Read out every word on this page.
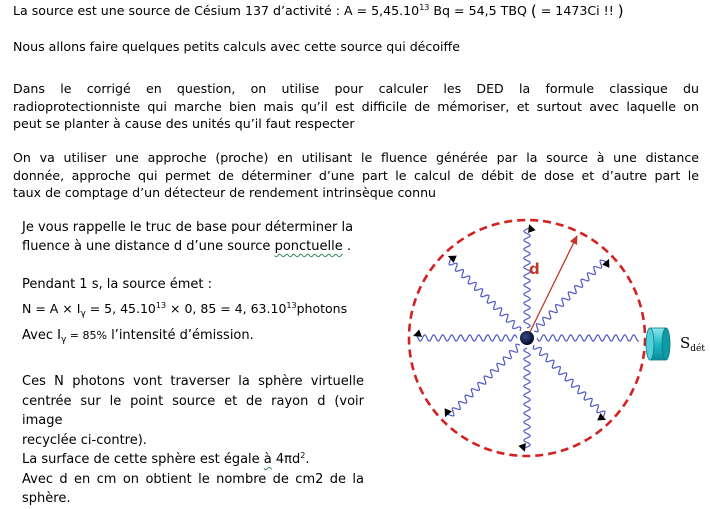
La source est une source de Césium 137 d’activité : $A = 5,45.10^{13}$ Bq = 54,5 TBQ ( = 1473Ci !! )
Nous allons faire quelques petits calculs avec cette source qui décoiffe
Dans le corrigé en question, on utilise pour calculer les DED la formule classique du
radioprotectionniste qui marche bien mais qu’il est difficile de mémoriser, et surtout avec laquelle on
peut se planter à cause des unités qu’il faut respecter
On va utiliser une approche (proche) en utilisant le fluence générée par la source à une distance
donnée, approche qui permet de déterminer d’une part le calcul de débit de dose et d’autre part le
taux de comptage d’un détecteur de rendement intrinsèque connu
Je vous rappelle le truc de base pour déterminer la
fluence à une distance d d’une source ponctuelle .
Pendant 1 s, la source émet :
$N = A \times I_\gamma = 5$, $45.10^{13} \times 0$, 85 = 4, 63.10$^{13}$photons
Avec $I_\gamma = 85\%$ l’intensité d’émission.
Ces N photons vont traverser la sphère virtuelle
centrée sur le point source et de rayon d (voir image
recyclée ci-contre).
La surface de cette sphère est égale à $4\pi d^2$.
Avec d en cm on obtient le nombre de cm2 de la
sphère.
d
$S_{dét}$
